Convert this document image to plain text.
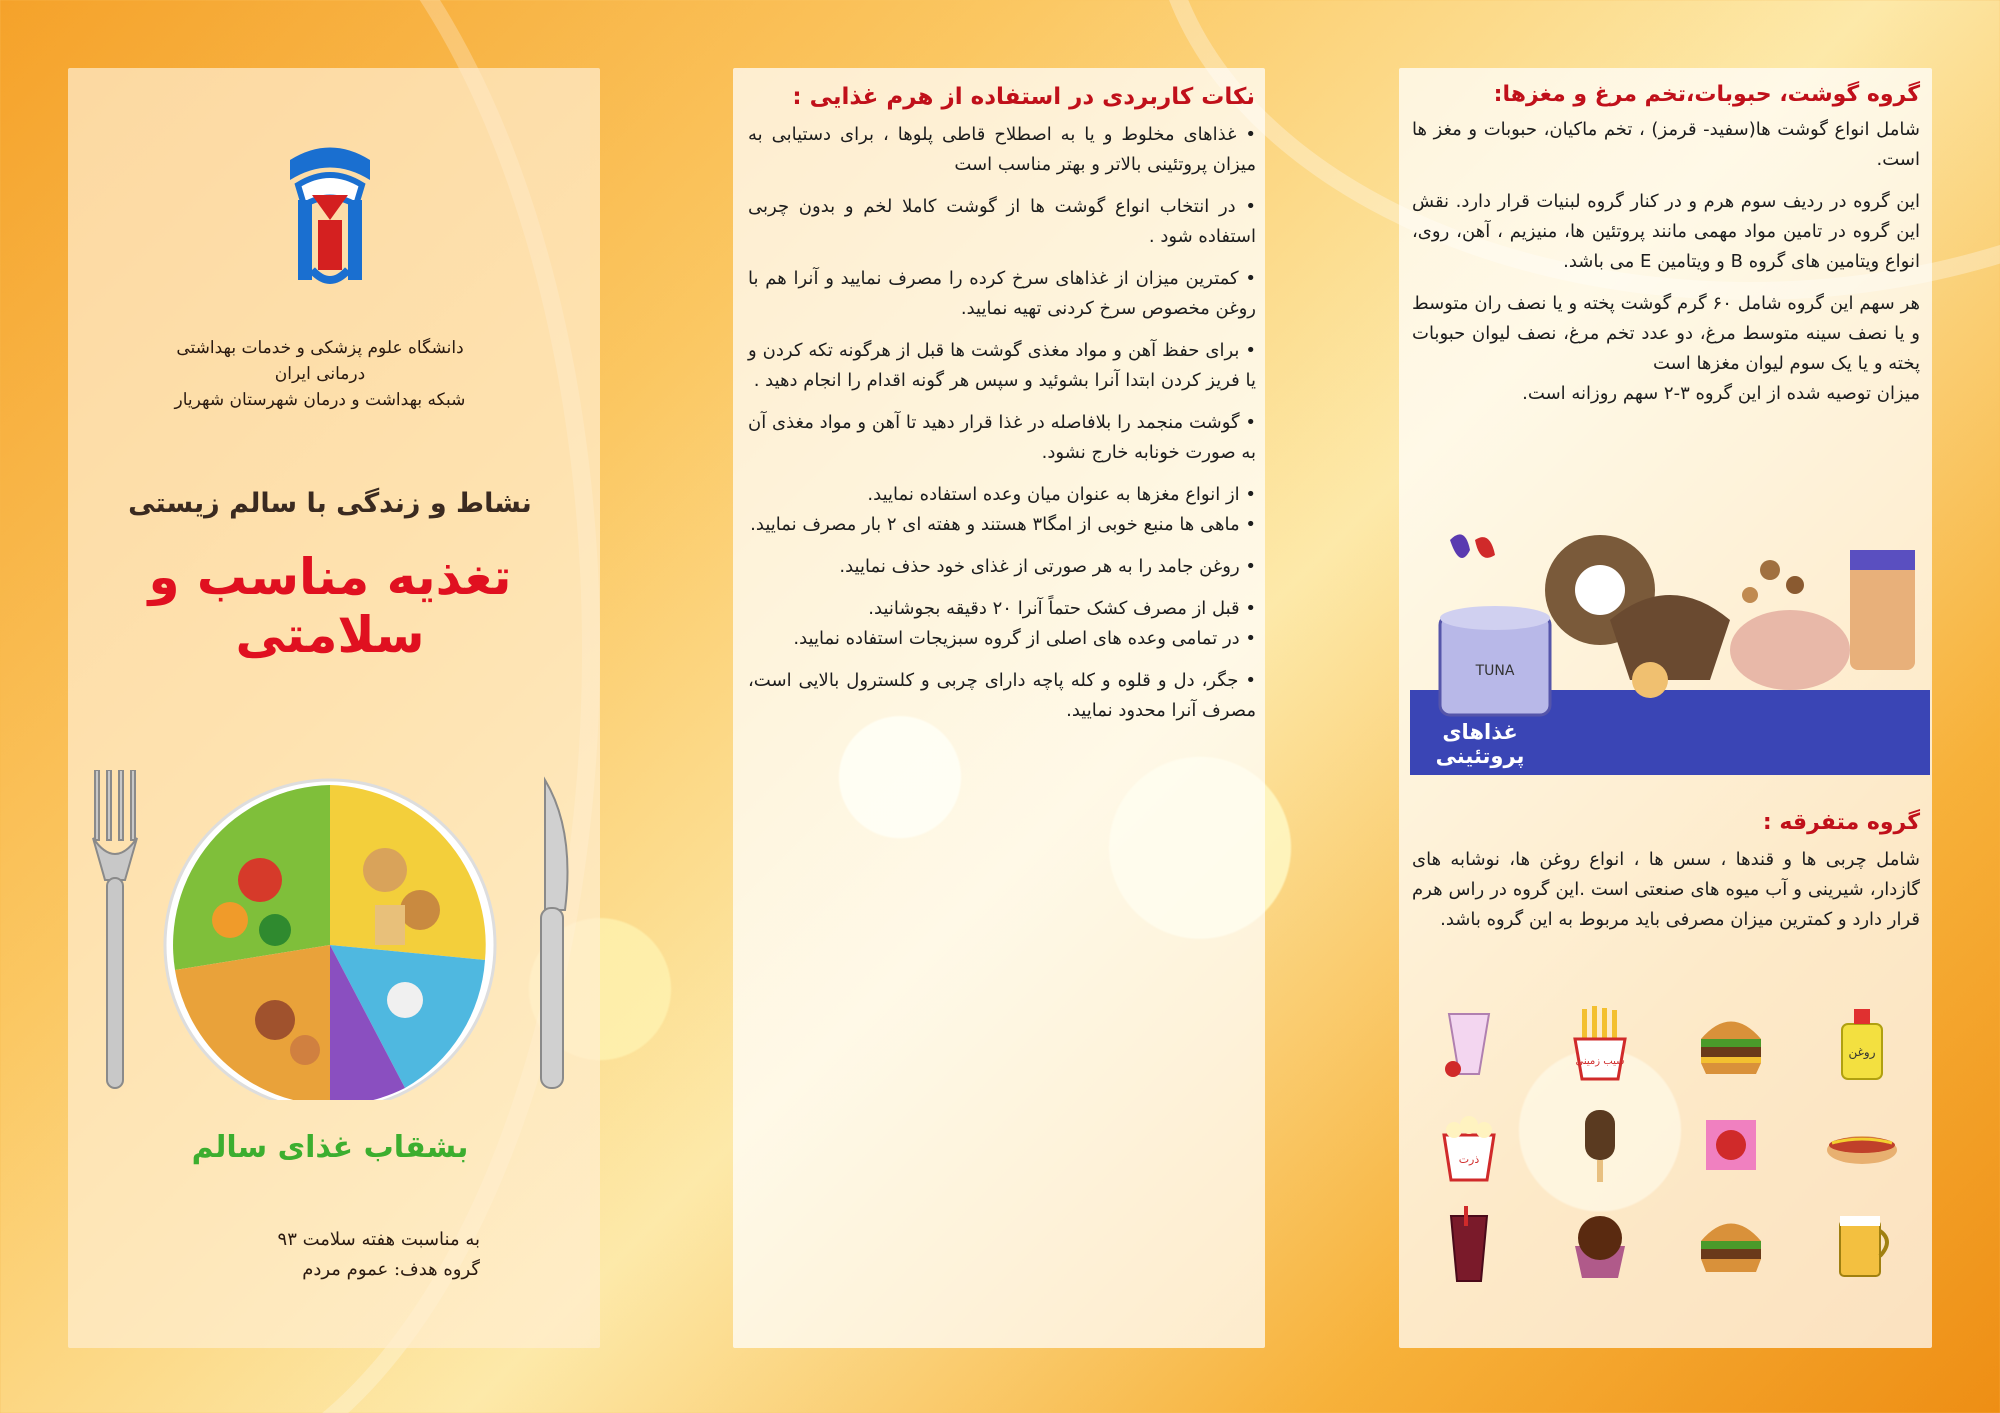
دانشگاه علوم پزشکی و خدمات بهداشتی درمانی ایران
شبکه بهداشت و درمان شهرستان شهریار
نشاط و زندگی با سالم زیستی
تغذیه مناسب و سلامتی
بشقاب غذای سالم
به مناسبت هفته سلامت ۹۳
گروه هدف: عموم مردم
نکات کاربردی در استفاده از هرم غذایی :

• غذاهای مخلوط و یا به اصطلاح قاطی پلوها ، برای دستیابی به میزان پروتئینی بالاتر و بهتر مناسب است

• در انتخاب انواع گوشت ها از گوشت کاملا لخم و بدون چربی استفاده شود .

• کمترین میزان از غذاهای سرخ کرده را مصرف نمایید و آنرا هم با روغن مخصوص سرخ کردنی تهیه نمایید.

• برای حفظ آهن و مواد مغذی گوشت ها قبل از هرگونه تکه کردن و یا فریز کردن ابتدا آنرا بشوئید و سپس هر گونه اقدام را انجام دهید .

• گوشت منجمد را بلافاصله در غذا قرار دهید تا آهن و مواد مغذی آن به صورت خونابه خارج نشود.

• از انواع مغزها به عنوان میان وعده استفاده نمایید.

• ماهی ها منبع خوبی از امگا۳ هستند و هفته ای ۲ بار مصرف نمایید.

• روغن جامد را به هر صورتی از غذای خود حذف نمایید.

• قبل از مصرف کشک حتماً آنرا ۲۰ دقیقه بجوشانید.

• در تمامی وعده های اصلی از گروه سبزیجات استفاده نمایید.

• جگر، دل و قلوه و کله پاچه دارای چربی و کلسترول بالایی است، مصرف آنرا محدود نمایید.

گروه گوشت، حبوبات،تخم مرغ و مغزها:

شامل انواع گوشت ها(سفید- قرمز) ، تخم ماکیان، حبوبات و مغز ها است.

این گروه در ردیف سوم هرم و در کنار گروه لبنیات قرار دارد. نقش این گروه در تامین مواد مهمی مانند پروتئین ها، منیزیم ، آهن، روی، انواع ویتامین های گروه B و ویتامین E می باشد.

هر سهم این گروه شامل ۶۰ گرم گوشت پخته و یا نصف ران متوسط و یا نصف سینه متوسط مرغ، دو عدد تخم مرغ، نصف لیوان حبوبات پخته و یا یک سوم لیوان مغزها است

میزان توصیه شده از این گروه ۳-۲ سهم روزانه است.

TUNA
غذاهای پروتئینی
گروه متفرقه :
شامل چربی ها و قندها ، سس ها ، انواع روغن ها، نوشابه های گازدار، شیرینی و آب میوه های صنعتی است .این گروه در راس هرم قرار دارد و کمترین میزان مصرفی باید مربوط به این گروه باشد.
سیب زمینی
روغن
ذرت
